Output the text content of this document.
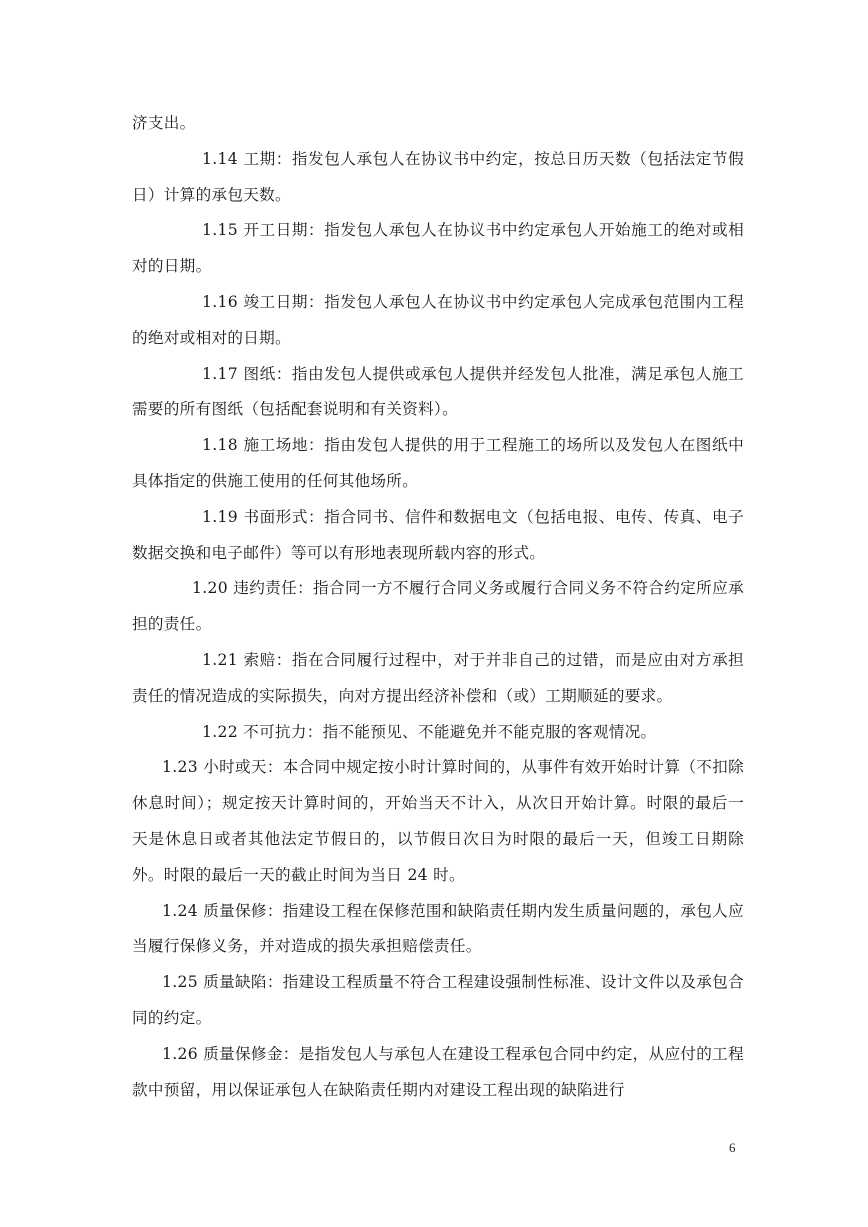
济支出。

1.14 工期：指发包人承包人在协议书中约定，按总日历天数（包括法定节假日）计算的承包天数。

1.15 开工日期：指发包人承包人在协议书中约定承包人开始施工的绝对或相对的日期。

1.16 竣工日期：指发包人承包人在协议书中约定承包人完成承包范围内工程的绝对或相对的日期。

1.17 图纸：指由发包人提供或承包人提供并经发包人批准，满足承包人施工需要的所有图纸（包括配套说明和有关资料）。

1.18 施工场地：指由发包人提供的用于工程施工的场所以及发包人在图纸中具体指定的供施工使用的任何其他场所。

1.19 书面形式：指合同书、信件和数据电文（包括电报、电传、传真、电子数据交换和电子邮件）等可以有形地表现所载内容的形式。

1.20 违约责任：指合同一方不履行合同义务或履行合同义务不符合约定所应承担的责任。

1.21 索赔：指在合同履行过程中，对于并非自己的过错，而是应由对方承担责任的情况造成的实际损失，向对方提出经济补偿和（或）工期顺延的要求。

1.22 不可抗力：指不能预见、不能避免并不能克服的客观情况。

1.23 小时或天：本合同中规定按小时计算时间的，从事件有效开始时计算（不扣除休息时间）；规定按天计算时间的，开始当天不计入，从次日开始计算。时限的最后一天是休息日或者其他法定节假日的，以节假日次日为时限的最后一天，但竣工日期除外。时限的最后一天的截止时间为当日 24 时。

1.24 质量保修：指建设工程在保修范围和缺陷责任期内发生质量问题的，承包人应当履行保修义务，并对造成的损失承担赔偿责任。

1.25 质量缺陷：指建设工程质量不符合工程建设强制性标准、设计文件以及承包合同的约定。

1.26 质量保修金：是指发包人与承包人在建设工程承包合同中约定，从应付的工程款中预留，用以保证承包人在缺陷责任期内对建设工程出现的缺陷进行

6
